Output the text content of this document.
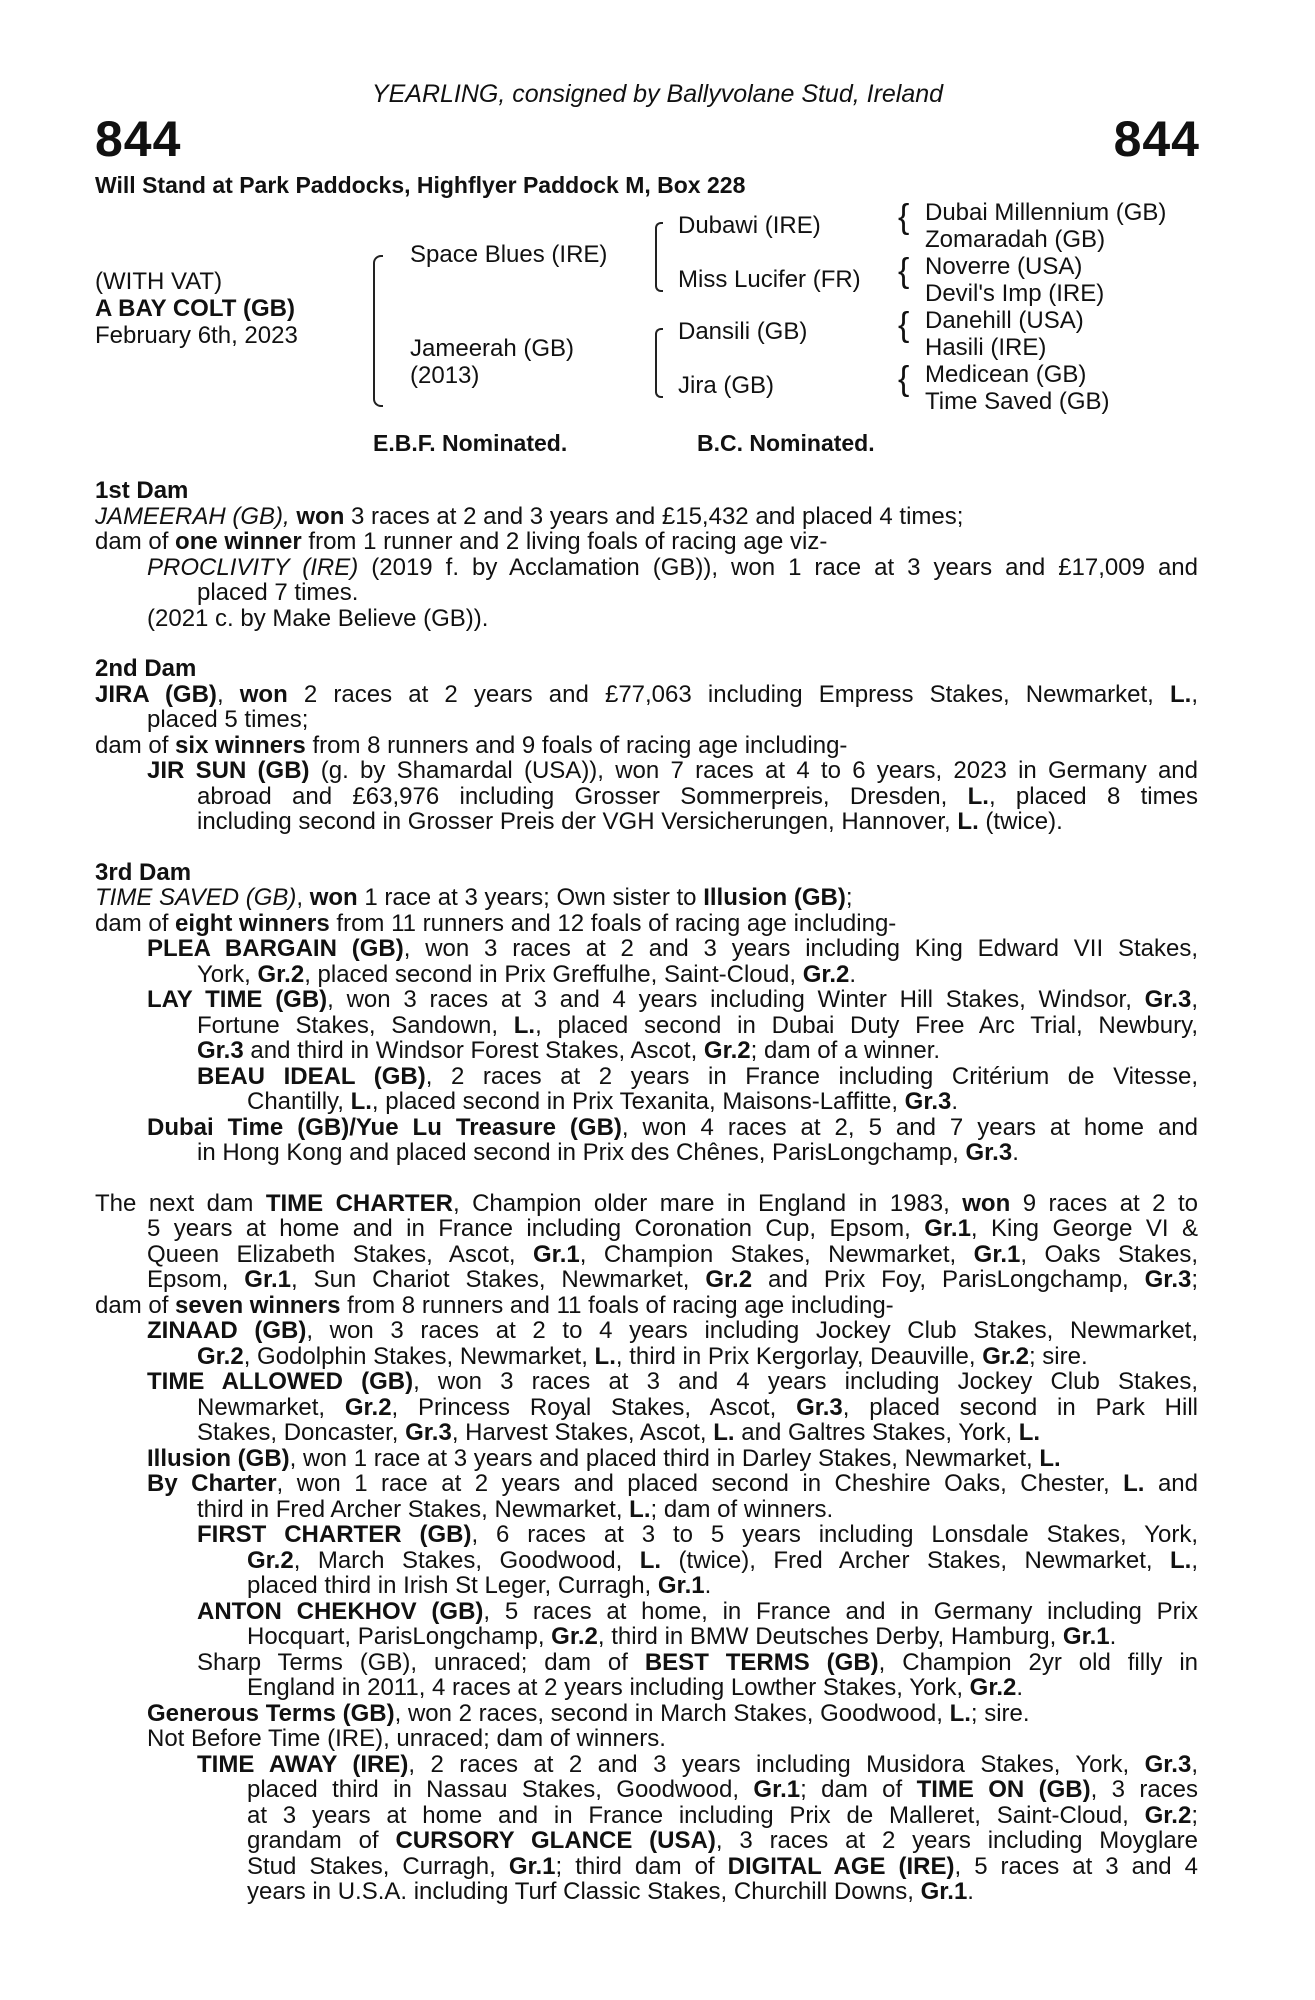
YEARLING, consigned by Ballyvolane Stud, Ireland
844	844
Will Stand at Park Paddocks, Highflyer Paddock M, Box 228
(WITH VAT)
A BAY COLT (GB)
February 6th, 2023
Space Blues (IRE)
Jameerah (GB)
(2013)
Dubawi (IRE)
Miss Lucifer (FR)
Dansili (GB)
Jira (GB)
{ Dubai Millennium (GB)
Zomaradah (GB)
{ Noverre (USA)
Devil's Imp (IRE)
{ Danehill (USA)
Hasili (IRE)
{ Medicean (GB)
Time Saved (GB)
E.B.F. Nominated.	B.C. Nominated.
1st Dam
JAMEERAH (GB), won 3 races at 2 and 3 years and £15,432 and placed 4 times;
dam of one winner from 1 runner and 2 living foals of racing age viz-
PROCLIVITY (IRE) (2019 f. by Acclamation (GB)), won 1 race at 3 years and £17,009 and
placed 7 times.
(2021 c. by Make Believe (GB)).
2nd Dam
JIRA (GB), won 2 races at 2 years and £77,063 including Empress Stakes, Newmarket, L.,
placed 5 times;
dam of six winners from 8 runners and 9 foals of racing age including-
JIR SUN (GB) (g. by Shamardal (USA)), won 7 races at 4 to 6 years, 2023 in Germany and
abroad and £63,976 including Grosser Sommerpreis, Dresden, L., placed 8 times
including second in Grosser Preis der VGH Versicherungen, Hannover, L. (twice).
3rd Dam
TIME SAVED (GB), won 1 race at 3 years; Own sister to Illusion (GB);
dam of eight winners from 11 runners and 12 foals of racing age including-
PLEA BARGAIN (GB), won 3 races at 2 and 3 years including King Edward VII Stakes,
York, Gr.2, placed second in Prix Greffulhe, Saint-Cloud, Gr.2.
LAY TIME (GB), won 3 races at 3 and 4 years including Winter Hill Stakes, Windsor, Gr.3,
Fortune Stakes, Sandown, L., placed second in Dubai Duty Free Arc Trial, Newbury,
Gr.3 and third in Windsor Forest Stakes, Ascot, Gr.2; dam of a winner.
BEAU IDEAL (GB), 2 races at 2 years in France including Critérium de Vitesse,
Chantilly, L., placed second in Prix Texanita, Maisons-Laffitte, Gr.3.
Dubai Time (GB)/Yue Lu Treasure (GB), won 4 races at 2, 5 and 7 years at home and
in Hong Kong and placed second in Prix des Chênes, ParisLongchamp, Gr.3.
The next dam TIME CHARTER, Champion older mare in England in 1983, won 9 races at 2 to
5 years at home and in France including Coronation Cup, Epsom, Gr.1, King George VI &
Queen Elizabeth Stakes, Ascot, Gr.1, Champion Stakes, Newmarket, Gr.1, Oaks Stakes,
Epsom, Gr.1, Sun Chariot Stakes, Newmarket, Gr.2 and Prix Foy, ParisLongchamp, Gr.3;
dam of seven winners from 8 runners and 11 foals of racing age including-
ZINAAD (GB), won 3 races at 2 to 4 years including Jockey Club Stakes, Newmarket,
Gr.2, Godolphin Stakes, Newmarket, L., third in Prix Kergorlay, Deauville, Gr.2; sire.
TIME ALLOWED (GB), won 3 races at 3 and 4 years including Jockey Club Stakes,
Newmarket, Gr.2, Princess Royal Stakes, Ascot, Gr.3, placed second in Park Hill
Stakes, Doncaster, Gr.3, Harvest Stakes, Ascot, L. and Galtres Stakes, York, L.
Illusion (GB), won 1 race at 3 years and placed third in Darley Stakes, Newmarket, L.
By Charter, won 1 race at 2 years and placed second in Cheshire Oaks, Chester, L. and
third in Fred Archer Stakes, Newmarket, L.; dam of winners.
FIRST CHARTER (GB), 6 races at 3 to 5 years including Lonsdale Stakes, York,
Gr.2, March Stakes, Goodwood, L. (twice), Fred Archer Stakes, Newmarket, L.,
placed third in Irish St Leger, Curragh, Gr.1.
ANTON CHEKHOV (GB), 5 races at home, in France and in Germany including Prix
Hocquart, ParisLongchamp, Gr.2, third in BMW Deutsches Derby, Hamburg, Gr.1.
Sharp Terms (GB), unraced; dam of BEST TERMS (GB), Champion 2yr old filly in
England in 2011, 4 races at 2 years including Lowther Stakes, York, Gr.2.
Generous Terms (GB), won 2 races, second in March Stakes, Goodwood, L.; sire.
Not Before Time (IRE), unraced; dam of winners.
TIME AWAY (IRE), 2 races at 2 and 3 years including Musidora Stakes, York, Gr.3,
placed third in Nassau Stakes, Goodwood, Gr.1; dam of TIME ON (GB), 3 races
at 3 years at home and in France including Prix de Malleret, Saint-Cloud, Gr.2;
grandam of CURSORY GLANCE (USA), 3 races at 2 years including Moyglare
Stud Stakes, Curragh, Gr.1; third dam of DIGITAL AGE (IRE), 5 races at 3 and 4
years in U.S.A. including Turf Classic Stakes, Churchill Downs, Gr.1.
